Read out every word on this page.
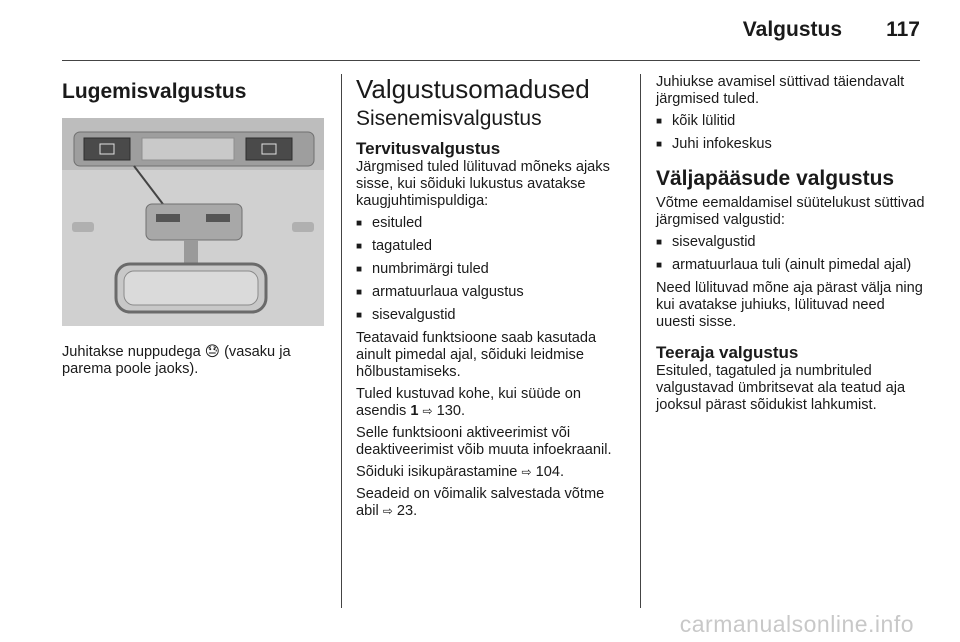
Valgustus 117
Lugemisvalgustus

Juhitakse nuppudega 😓 (vasaku ja parema poole jaoks).

Valgustusomadused
Sisenemisvalgustus
Tervitusvalgustus

Järgmised tuled lülituvad mõneks ajaks sisse, kui sõiduki lukustus avatakse kaugjuhtimispuldiga:

■ esituled
■ tagatuled
■ numbrimärgi tuled
■ armatuurlaua valgustus
■ sisevalgustid

Teatavaid funktsioone saab kasutada ainult pimedal ajal, sõiduki leidmise hõlbustamiseks.

Tuled kustuvad kohe, kui süüde on asendis 1 ⇨ 130.

Selle funktsiooni aktiveerimist või deaktiveerimist võib muuta infoekraanil.

Sõiduki isikupärastamine ⇨ 104.

Seadeid on võimalik salvestada võtme abil ⇨ 23.

Juhiukse avamisel süttivad täiendavalt järgmised tuled.

■ kõik lülitid
■ Juhi infokeskus
Väljapääsude valgustus

Võtme eemaldamisel süütelukust süttivad järgmised valgustid:

■ sisevalgustid
■ armatuurlaua tuli (ainult pimedal ajal)

Need lülituvad mõne aja pärast välja ning kui avatakse juhiuks, lülituvad need uuesti sisse.

Teeraja valgustus

Esituled, tagatuled ja numbrituled valgustavad ümbritsevat ala teatud aja jooksul pärast sõidukist lahkumist.

carmanualsonline.info
